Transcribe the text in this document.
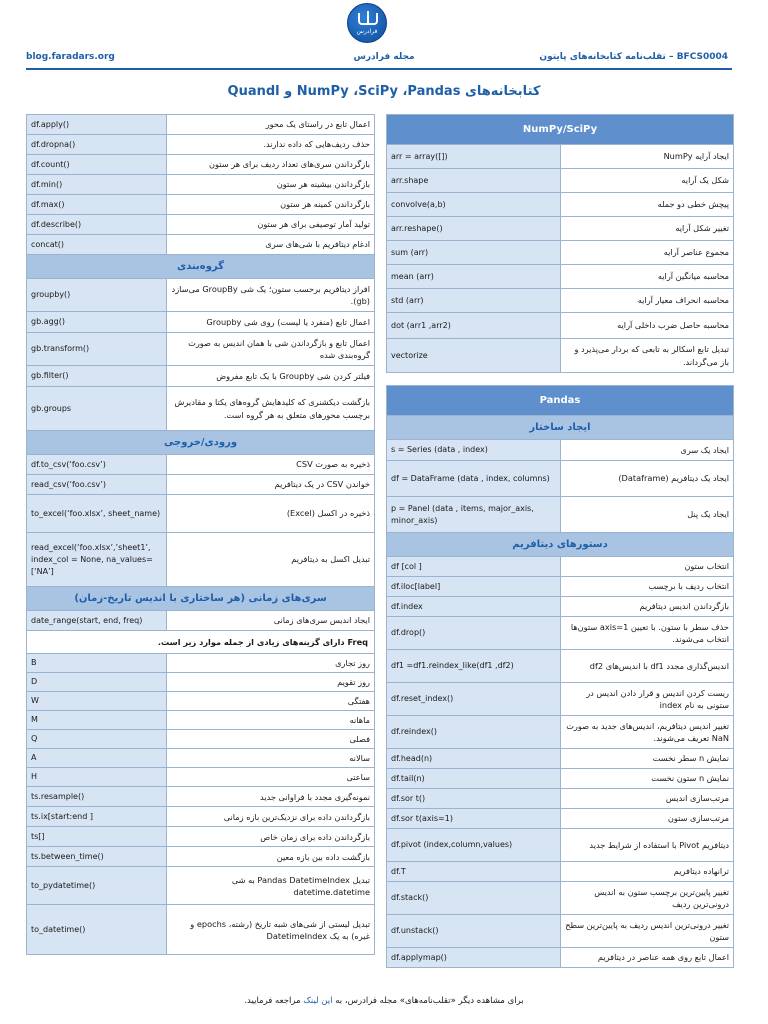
فرادرس
blog.faradars.org	مجله فرادرس	BFCS0004 – تقلب‌نامه کتابخانه‌های پایتون
کتابخانه‌های NumPy ،SciPy ،Pandas و Quandl
df.apply()	اعمال تابع در راستای یک محور
df.dropna()	حذف ردیف‌هایی که داده ندارند.
df.count()	بازگرداندن سری‌های تعداد ردیف برای هر ستون
df.min()	بازگرداندن بیشینه هر ستون
df.max()	بازگرداندن کمینه هر ستون
df.describe()	تولید آمار توصیفی برای هر ستون
concat()	ادغام دیتافریم با شی‌های سری
گروه‌بندی	
groupby()	افراز دیتافریم برحسب ستون؛ یک شی GroupBy می‌سازد (gb).
gb.agg()	اعمال تابع (منفرد یا لیست) روی شی Groupby
gb.transform()	اعمال تابع و بازگرداندن شی با همان اندیس به صورت گروه‌بندی شده
gb.filter()	فیلتر کردن شی Groupby با یک تابع مفروض
gb.groups	بازگشت دیکشنری که کلیدهایش گروه‌های یکتا و مقادیرش برچسب محورهای متعلق به هر گروه است.
ورودی/خروجی	
df.to_csv(‘foo.csv’)	ذخیره به صورت CSV
read_csv(‘foo.csv’)	خواندن CSV در یک دیتافریم
to_excel(‘foo.xlsx’, sheet_name)	ذخیره در اکسل (Excel)
read_excel(‘foo.xlsx’,’sheet1’, index_col = None, na_values= [‘NA’]	تبدیل اکسل به دیتافریم
سری‌های زمانی (هر ساختاری با اندیس تاریخ-زمان)	
date_range(start, end, freq)	ایجاد اندیس سری‌های زمانی
Freq دارای گزینه‌های زیادی از جمله موارد زیر است.	
B	روز تجاری
D	روز تقویم
W	هفتگی
M	ماهانه
Q	فصلی
A	سالانه
H	ساعتی
ts.resample()	نمونه‌گیری مجدد با فراوانی جدید
ts.ix[start:end ]	بازگرداندن داده برای نزدیک‌ترین بازه زمانی
ts[]	بازگرداندن داده برای زمان خاص
ts.between_time()	بازگشت داده بین بازه معین
to_pydatetime()	تبدیل Pandas DatetimeIndex به شی datetime.datetime
to_datetime()	تبدیل لیستی از شی‌های شبه تاریخ (رشته، epochs و غیره) به یک DatetimeIndex
NumPy/SciPy	
arr = array([])	ایجاد آرایه NumPy
arr.shape	شکل یک آرایه
convolve(a,b)	پیچش خطی دو جمله
arr.reshape()	تغییر شکل آرایه
sum (arr)	مجموع عناصر آرایه
mean (arr)	محاسبه میانگین آرایه
std (arr)	محاسبه انحراف معیار آرایه
dot (arr1 ,arr2)	محاسبه حاصل ضرب داخلی آرایه
vectorize	تبدیل تابع اسکالر به تابعی که بردار می‌پذیرد و باز می‌گرداند.
Pandas	
ایجاد ساختار	
s = Series (data , index)	ایجاد یک سری
df = DataFrame (data , index, columns)	ایجاد یک دیتافریم (Dataframe)
p = Panel (data , items, major_axis, minor_axis)	ایجاد یک پنل
دستورهای دیتافریم	
df [col ]	انتخاب ستون
df.iloc[label]	انتخاب ردیف با برچسب
df.index	بازگرداندن اندیس دیتافریم
df.drop()	حذف سطر با ستون. با تعیین axis=1 ستون‌ها انتخاب می‌شوند.
df1 =df1.reindex_like(df1 ,df2)	اندیس‌گذاری مجدد df1 با اندیس‌های df2
df.reset_index()	ریست کردن اندیس و قرار دادن اندیس در ستونی به نام index
df.reindex()	تغییر اندیس دیتافریم، اندیس‌های جدید به صورت NaN تعریف می‌شوند.
df.head(n)	نمایش n سطر نخست
df.tail(n)	نمایش n ستون نخست
df.sor t()	مرتب‌سازی اندیس
df.sor t(axis=1)	مرتب‌سازی ستون
df.pivot (index,column,values)	دیتافریم Pivot با استفاده از شرایط جدید
df.T	ترانهاده دیتافریم
df.stack()	تغییر پایین‌ترین برچسب ستون به اندیس درونی‌ترین ردیف
df.unstack()	تغییر درونی‌ترین اندیس ردیف به پایین‌ترین سطح ستون
df.applymap()	اعمال تابع روی همه عناصر در دیتافریم
برای مشاهده دیگر «تقلب‌نامه‌های» مجله فرادرس، به این لینک مراجعه فرمایید.
